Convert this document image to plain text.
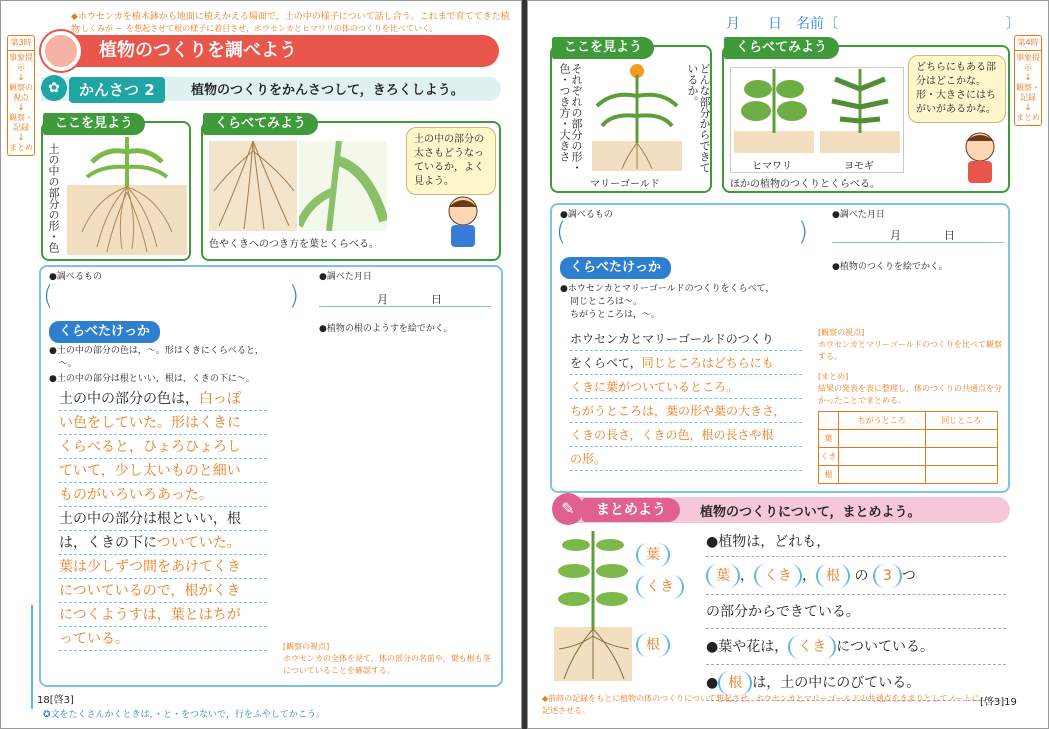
◆ホウセンカを植木鉢から地面に植えかえる場面で，土の中の様子について話し合う。これまで育ててきた植物 しくみが ー を想起させて根の様子に着目させ，ホウセンカとヒマワリの体のつくりを比べていく。
第3時
事象提示
↓
観察の視点
↓
観察・記録
↓
まとめ
植物のつくりを調べよう
✿	かんさつ 2	植物のつくりをかんさつして，きろくしよう。
ここを見よう
土の中の部分の形・色
くらべてみよう
色やくきへのつき方を葉とくらべる。
土の中の部分の太さもどうなっているか，よく見よう。
●調べるもの
(	)
●調べた月日
月	日
●植物の根のようすを絵でかく。
くらべたけっか
●土の中の部分の色は，～。形はくきにくらべると，
～。
●土の中の部分は根といい，根は，くきの下に～。
土の中の部分の色は，白っぽ
い色をしていた。形はくきに
くらべると，ひょろひょろし
ていて，少し太いものと細い
ものがいろいろあった。
土の中の部分は根といい，根
は，くきの下についていた。
葉は少しずつ間をあけてくき
についているので，根がくき
につくようすは，葉とはちが
っている。	[観察の視点]
ホウセンカの全体を見て，体の部分の名前や，葉も根も茎についていることを確認する。
18[啓3]
✪文をたくさんかくときは，・と・をつないで，行をふやしてかこう。
月　　日　名前〔	〕
第4時
事象提示
↓
観察・記録
↓
まとめ
ここを見よう
どんな部分からできているか。
それぞれの部分の形・色・つき方・大きさ
マリーゴールド
くらべてみよう
ヒマワリ	ヨモギ
ほかの植物のつくりとくらべる。
どちらにもある部分はどこかな。形・大きさにはちがいがあるかな。
●調べるもの
(	)
●調べた月日
月	日
●植物のつくりを絵でかく。
くらべたけっか
●ホウセンカとマリーゴールドのつくりをくらべて，
同じところは～。
ちがうところは，～。
ホウセンカとマリーゴールドのつくり
をくらべて，同じところはどちらにも
くきに葉がついているところ。
ちがうところは，葉の形や葉の大きさ，
くきの長さ，くきの色，根の長さや根
の形。
[観察の視点]
ホウセンカとマリーゴールドのつくりを比べて観察する。
[まとめ]
結果の発表を表に整理し，体のつくりの共通点を分かったことでまとめる。
	ちがうところ	同じところ
葉		
くき		
根		
✎	まとめよう	植物のつくりについて，まとめよう。
葉
くき
根
●植物は，どれも，
葉 ， くき ， 根 の 3 つ
の部分からできている。
●葉や花は， くき についている。
● 根 は，土の中にのびている。
◆前時の記録をもとに植物の体のつくりについて想起させ，ホウセンカとマリーゴールドの共通点をきまりとしてノートに記述させる。
[啓3]19
